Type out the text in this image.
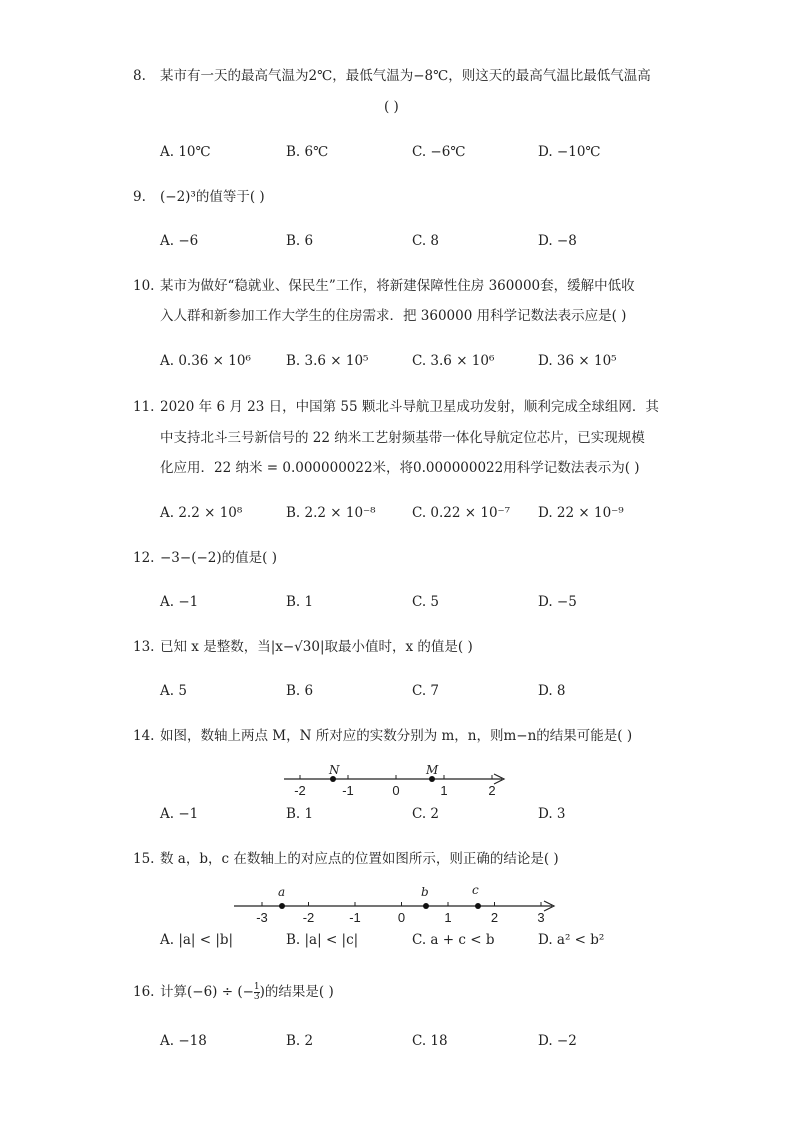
8. 某市有一天的最高气温为2℃，最低气温为−8℃，则这天的最高气温比最低气温高
( )
A. 10℃	B. 6℃	C. −6℃	D. −10℃
9. (−2)³的值等于( )
A. −6	B. 6	C. 8	D. −8
10. 某市为做好“稳就业、保民生”工作，将新建保障性住房 360000套，缓解中低收
入人群和新参加工作大学生的住房需求．把 360000 用科学记数法表示应是( )
A. 0.36 × 10⁶	B. 3.6 × 10⁵	C. 3.6 × 10⁶	D. 36 × 10⁵
11. 2020 年 6 月 23 日，中国第 55 颗北斗导航卫星成功发射，顺利完成全球组网．其
中支持北斗三号新信号的 22 纳米工艺射频基带一体化导航定位芯片，已实现规模
化应用．22 纳米 = 0.000000022米，将0.000000022用科学记数法表示为( )
A. 2.2 × 10⁸	B. 2.2 × 10⁻⁸	C. 0.22 × 10⁻⁷ D. 22 × 10⁻⁹
12. −3−(−2)的值是( )
A. −1	B. 1	C. 5	D. −5
13. 已知 x 是整数，当|x−√30|取最小值时，x 的值是( )
A. 5	B. 6	C. 7	D. 8
14. 如图，数轴上两点 M，N 所对应的实数分别为 m，n，则m−n的结果可能是( )
-2	-1	0	1	2
N	M
A. −1	B. 1	C. 2	D. 3
15. 数 a，b，c 在数轴上的对应点的位置如图所示，则正确的结论是( )
-3	-2	-1	0	1	2	3
a	b	c
A. |a| < |b|	B. |a| < |c|	C. a + c < b	D. a² < b²
16. 计算(−6) ÷ (− $\frac{1}{3}$ )的结果是( )
A. −18	B. 2	C. 18	D. −2
